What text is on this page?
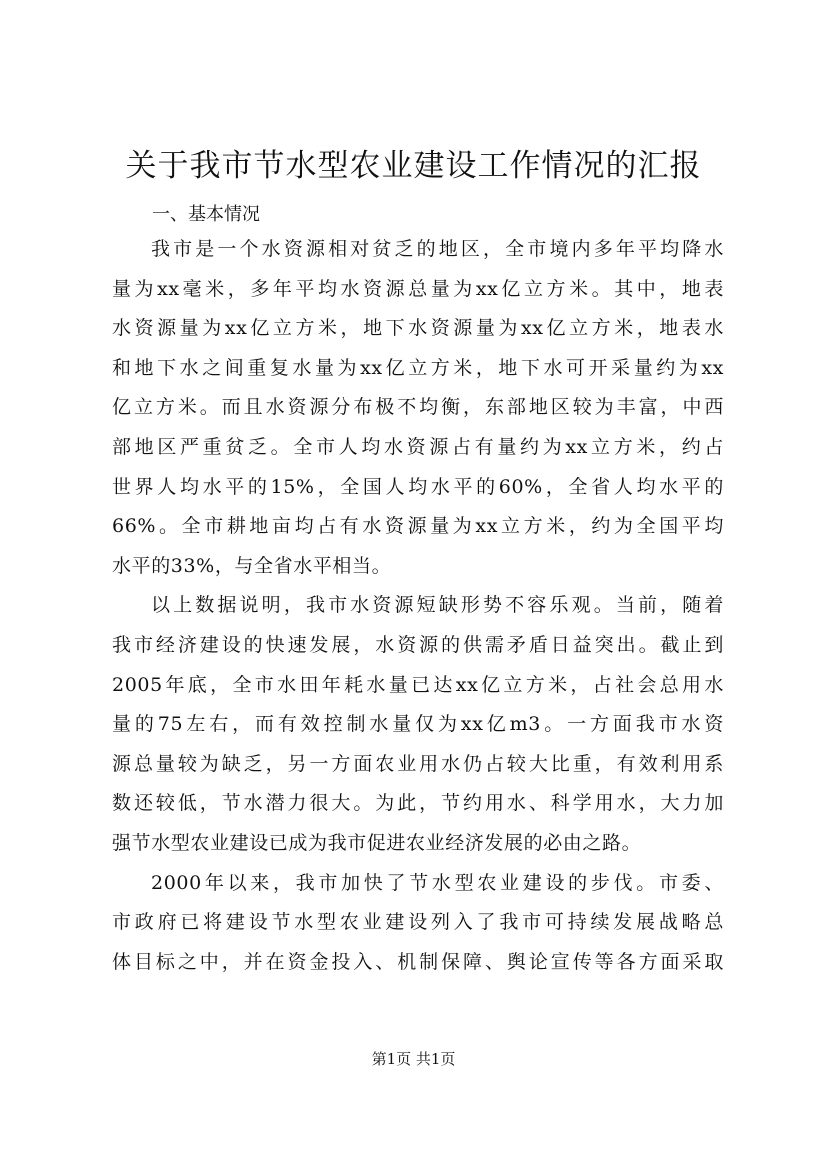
关于我市节水型农业建设工作情况的汇报

一、基本情况

我市是一个水资源相对贫乏的地区，全市境内多年平均降水
量为xx毫米，多年平均水资源总量为xx亿立方米。其中，地表
水资源量为xx亿立方米，地下水资源量为xx亿立方米，地表水
和地下水之间重复水量为xx亿立方米，地下水可开采量约为xx
亿立方米。而且水资源分布极不均衡，东部地区较为丰富，中西
部地区严重贫乏。全市人均水资源占有量约为xx立方米，约占
世界人均水平的15%，全国人均水平的60%，全省人均水平的
66%。全市耕地亩均占有水资源量为xx立方米，约为全国平均
水平的33%，与全省水平相当。

以上数据说明，我市水资源短缺形势不容乐观。当前，随着
我市经济建设的快速发展，水资源的供需矛盾日益突出。截止到
2005年底，全市水田年耗水量已达xx亿立方米，占社会总用水
量的75左右，而有效控制水量仅为xx亿m3。一方面我市水资
源总量较为缺乏，另一方面农业用水仍占较大比重，有效利用系
数还较低，节水潜力很大。为此，节约用水、科学用水，大力加
强节水型农业建设已成为我市促进农业经济发展的必由之路。

2000年以来，我市加快了节水型农业建设的步伐。市委、
市政府已将建设节水型农业建设列入了我市可持续发展战略总
体目标之中，并在资金投入、机制保障、舆论宣传等各方面采取

第1页 共1页
